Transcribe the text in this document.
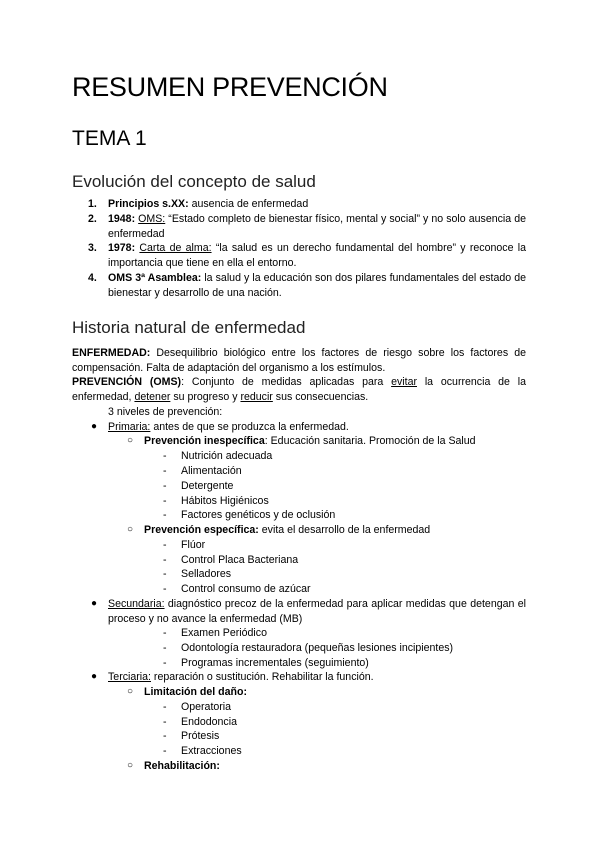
RESUMEN PREVENCIÓN
TEMA 1
Evolución del concepto de salud
1. Principios s.XX: ausencia de enfermedad
2. 1948: OMS: “Estado completo de bienestar físico, mental y social” y no solo ausencia de enfermedad
3. 1978: Carta de alma: “la salud es un derecho fundamental del hombre” y reconoce la importancia que tiene en ella el entorno.
4. OMS 3ª Asamblea: la salud y la educación son dos pilares fundamentales del estado de bienestar y desarrollo de una nación.
Historia natural de enfermedad
ENFERMEDAD: Desequilibrio biológico entre los factores de riesgo sobre los factores de compensación. Falta de adaptación del organismo a los estímulos.
PREVENCIÓN (OMS): Conjunto de medidas aplicadas para evitar la ocurrencia de la enfermedad, detener su progreso y reducir sus consecuencias.
3 niveles de prevención:
● Primaria: antes de que se produzca la enfermedad.
○ Prevención inespecífica: Educación sanitaria. Promoción de la Salud
- Nutrición adecuada
- Alimentación
- Detergente
- Hábitos Higiénicos
- Factores genéticos y de oclusión
○ Prevención específica: evita el desarrollo de la enfermedad
- Flúor
- Control Placa Bacteriana
- Selladores
- Control consumo de azúcar
● Secundaria: diagnóstico precoz de la enfermedad para aplicar medidas que detengan el proceso y no avance la enfermedad (MB)
- Examen Periódico
- Odontología restauradora (pequeñas lesiones incipientes)
- Programas incrementales (seguimiento)
● Terciaria: reparación o sustitución. Rehabilitar la función.
○ Limitación del daño:
- Operatoria
- Endodoncia
- Prótesis
- Extracciones
○ Rehabilitación:
